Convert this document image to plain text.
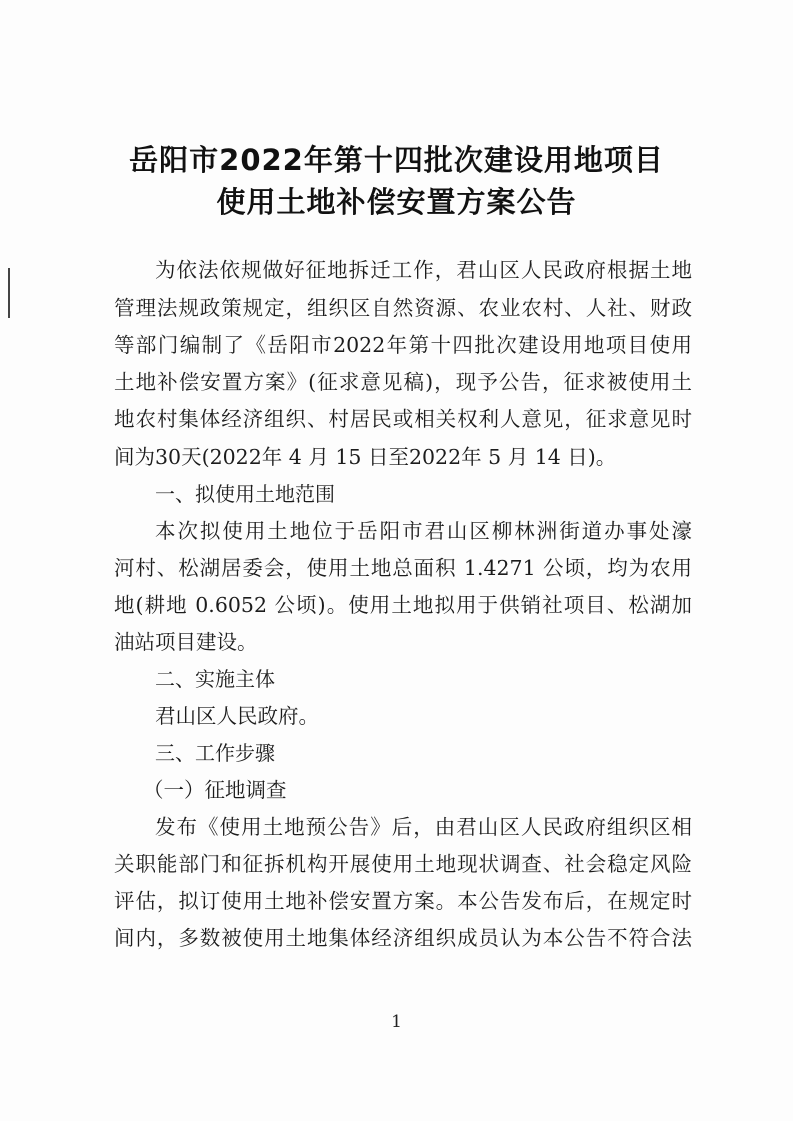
岳阳市2022年第十四批次建设用地项目
使用土地补偿安置方案公告
为依法依规做好征地拆迁工作，君山区人民政府根据土地
管理法规政策规定，组织区自然资源、农业农村、人社、财政
等部门编制了《岳阳市2022年第十四批次建设用地项目使用
土地补偿安置方案》(征求意见稿)，现予公告，征求被使用土
地农村集体经济组织、村居民或相关权利人意见，征求意见时
间为30天(2022年 4 月 15 日至2022年 5 月 14 日)。
一、拟使用土地范围
本次拟使用土地位于岳阳市君山区柳林洲街道办事处濠
河村、松湖居委会，使用土地总面积 1.4271 公顷，均为农用
地(耕地 0.6052 公顷)。使用土地拟用于供销社项目、松湖加
油站项目建设。
二、实施主体
君山区人民政府。
三、工作步骤
（一）征地调查
发布《使用土地预公告》后，由君山区人民政府组织区相
关职能部门和征拆机构开展使用土地现状调查、社会稳定风险
评估，拟订使用土地补偿安置方案。本公告发布后，在规定时
间内，多数被使用土地集体经济组织成员认为本公告不符合法
1
